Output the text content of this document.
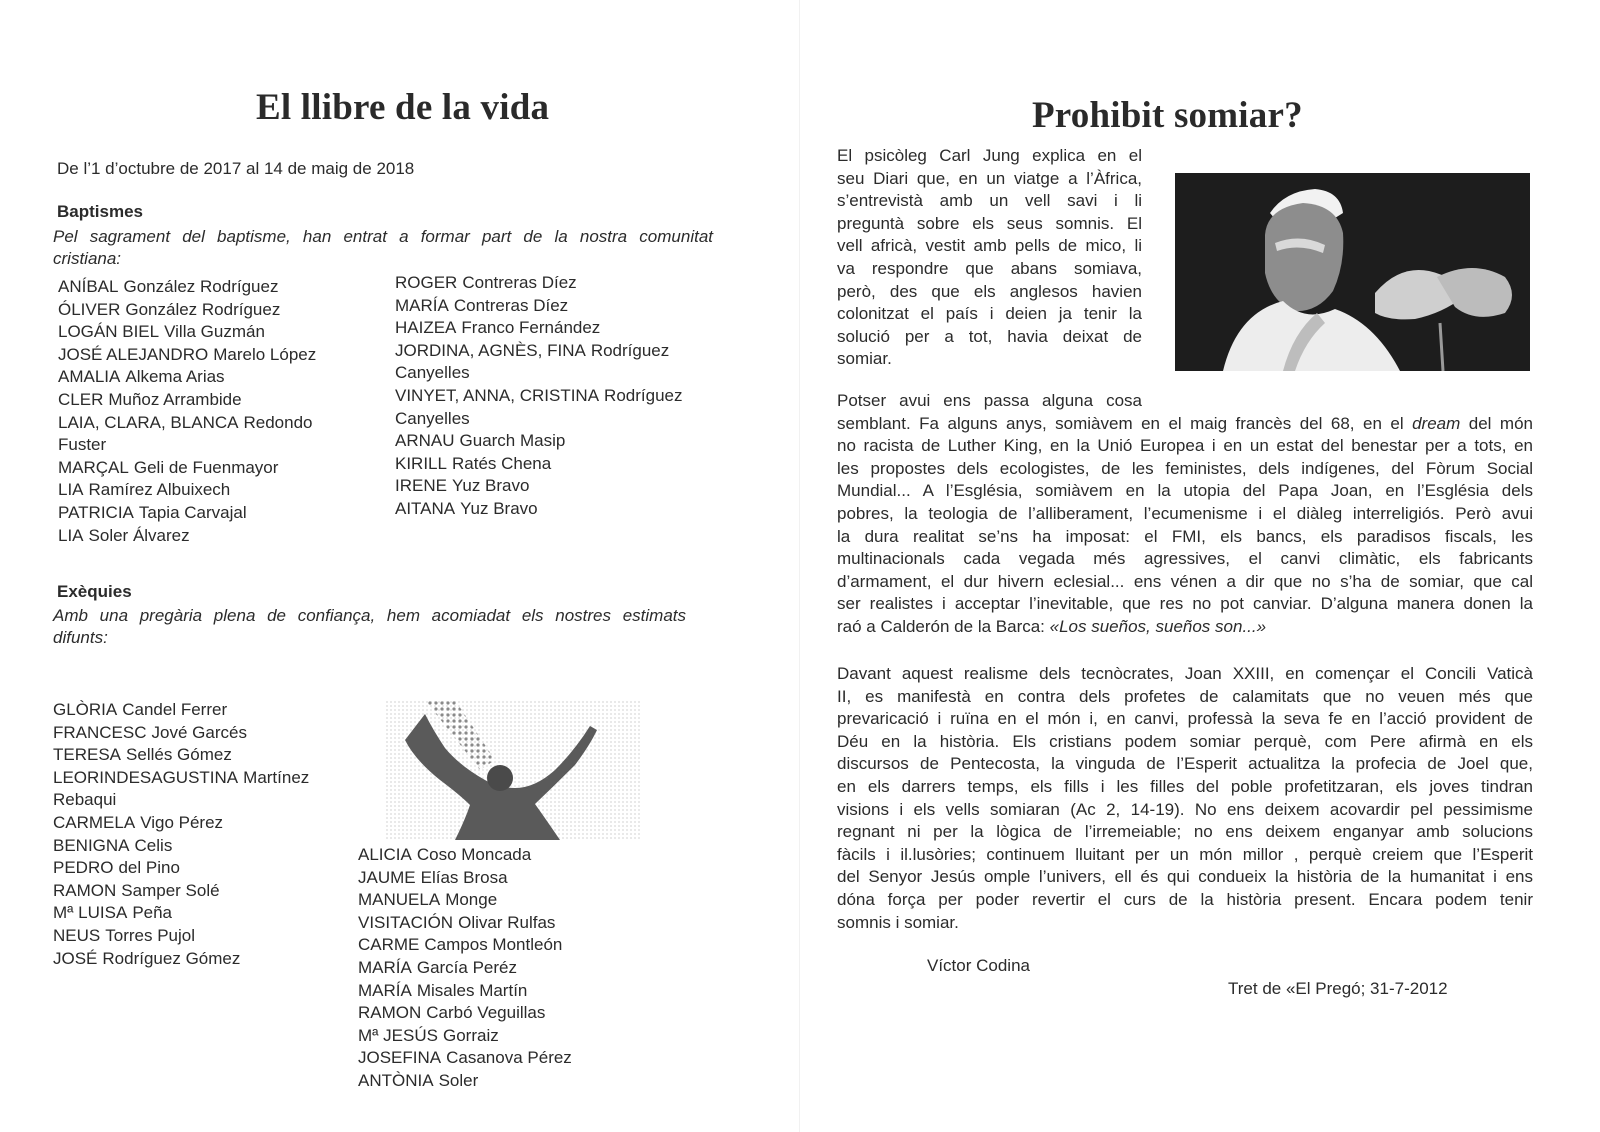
El llibre de la vida

De l’1 d’octubre de 2017 al 14 de maig de 2018

Baptismes

Pel sagrament del baptisme, han entrat a formar part de la nostra comunitat
cristiana:

ANÍBAL González Rodríguez
ÓLIVER González Rodríguez
LOGÁN BIEL Villa Guzmán
JOSÉ ALEJANDRO Marelo López
AMALIA Alkema Arias
CLER Muñoz Arrambide
LAIA, CLARA, BLANCA Redondo
Fuster
MARÇAL Geli de Fuenmayor
LIA Ramírez Albuixech
PATRICIA Tapia Carvajal
LIA Soler Álvarez
ROGER Contreras Díez
MARÍA Contreras Díez
HAIZEA Franco Fernández
JORDINA, AGNÈS, FINA Rodríguez
Canyelles
VINYET, ANNA, CRISTINA Rodríguez
Canyelles
ARNAU Guarch Masip
KIRILL Ratés Chena
IRENE Yuz Bravo
AITANA Yuz Bravo
Exèquies

Amb una pregària plena de confiança, hem acomiadat els nostres estimats
difunts:

GLÒRIA Candel Ferrer
FRANCESC Jové Garcés
TERESA Sellés Gómez
LEORINDESAGUSTINA Martínez
Rebaqui
CARMELA Vigo Pérez
BENIGNA Celis
PEDRO del Pino
RAMON Samper Solé
Mª LUISA Peña
NEUS Torres Pujol
JOSÉ Rodríguez Gómez
ALICIA Coso Moncada
JAUME Elías Brosa
MANUELA Monge
VISITACIÓN Olivar Rulfas
CARME Campos Montleón
MARÍA García Peréz
MARÍA Misales Martín
RAMON Carbó Veguillas
Mª JESÚS Gorraiz
JOSEFINA Casanova Pérez
ANTÒNIA Soler
Prohibit somiar?
El psicòleg Carl Jung explica en el
seu Diari que, en un viatge a l’Àfrica,
s’entrevistà amb un vell savi i li
preguntà sobre els seus somnis. El
vell africà, vestit amb pells de mico, li
va respondre que abans somiava,
però, des que els anglesos havien
colonitzat el país i deien ja tenir la
solució per a tot, havia deixat de
somiar.
Potser avui ens passa alguna cosa
semblant. Fa alguns anys, somiàvem en el maig francès del 68, en el dream del món
no racista de Luther King, en la Unió Europea i en un estat del benestar per a tots, en
les propostes dels ecologistes, de les feministes, dels indígenes, del Fòrum Social
Mundial... A l’Església, somiàvem en la utopia del Papa Joan, en l’Església dels
pobres, la teologia de l’alliberament, l’ecumenisme i el diàleg interreligiós. Però avui
la dura realitat se’ns ha imposat: el FMI, els bancs, els paradisos fiscals, les
multinacionals cada vegada més agressives, el canvi climàtic, els fabricants
d’armament, el dur hivern eclesial... ens vénen a dir que no s’ha de somiar, que cal
ser realistes i acceptar l’inevitable, que res no pot canviar. D’alguna manera donen la
raó a Calderón de la Barca: «Los sueños, sueños son...»
Davant aquest realisme dels tecnòcrates, Joan XXIII, en començar el Concili Vaticà
II, es manifestà en contra dels profetes de calamitats que no veuen més que
prevaricació i ruïna en el món i, en canvi, professà la seva fe en l’acció provident de
Déu en la història. Els cristians podem somiar perquè, com Pere afirmà en els
discursos de Pentecosta, la vinguda de l’Esperit actualitza la profecia de Joel que,
en els darrers temps, els fills i les filles del poble profetitzaran, els joves tindran
visions i els vells somiaran (Ac 2, 14-19). No ens deixem acovardir pel pessimisme
regnant ni per la lògica de l’irremeiable; no ens deixem enganyar amb solucions
fàcils i il.lusòries; continuem lluitant per un món millor , perquè creiem que l’Esperit
del Senyor Jesús omple l’univers, ell és qui condueix la història de la humanitat i ens
dóna força per poder revertir el curs de la història present. Encara podem tenir
somnis i somiar.

Víctor Codina

Tret de «El Pregó; 31-7-2012
